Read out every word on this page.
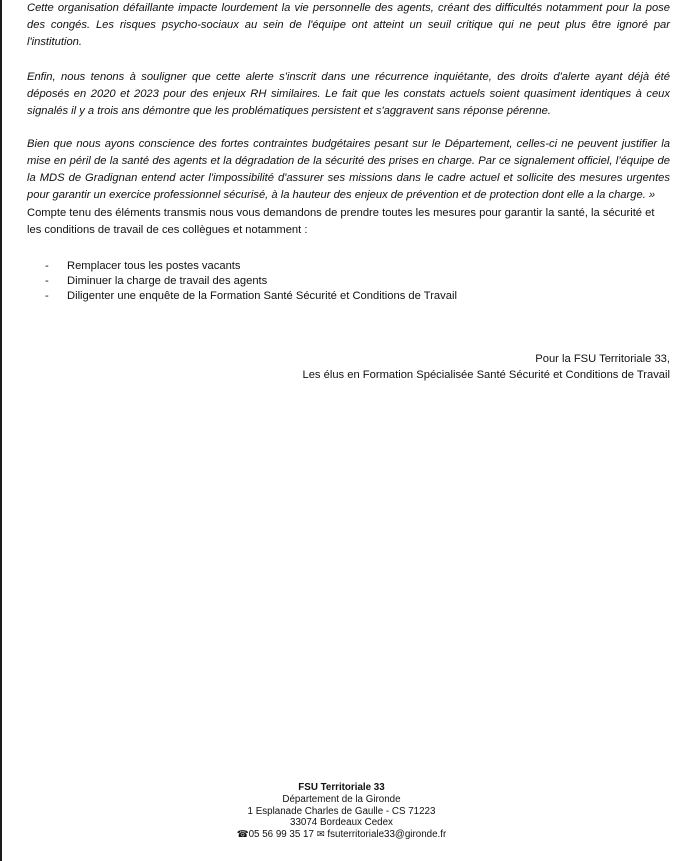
Cette organisation défaillante impacte lourdement la vie personnelle des agents, créant des difficultés notamment pour la pose des congés. Les risques psycho-sociaux au sein de l'équipe ont atteint un seuil critique qui ne peut plus être ignoré par l'institution.

Enfin, nous tenons à souligner que cette alerte s'inscrit dans une récurrence inquiétante, des droits d'alerte ayant déjà été déposés en 2020 et 2023 pour des enjeux RH similaires. Le fait que les constats actuels soient quasiment identiques à ceux signalés il y a trois ans démontre que les problématiques persistent et s'aggravent sans réponse pérenne.

Bien que nous ayons conscience des fortes contraintes budgétaires pesant sur le Département, celles-ci ne peuvent justifier la mise en péril de la santé des agents et la dégradation de la sécurité des prises en charge. Par ce signalement officiel, l’équipe de la MDS de Gradignan entend acter l'impossibilité d'assurer ses missions dans le cadre actuel et sollicite des mesures urgentes pour garantir un exercice professionnel sécurisé, à la hauteur des enjeux de prévention et de protection dont elle a la charge. »

Compte tenu des éléments transmis nous vous demandons de prendre toutes les mesures pour garantir la santé, la sécurité et les conditions de travail de ces collègues et notamment :

- Remplacer tous les postes vacants
- Diminuer la charge de travail des agents
- Diligenter une enquête de la Formation Santé Sécurité et Conditions de Travail
Pour la FSU Territoriale 33,
Les élus en Formation Spécialisée Santé Sécurité et Conditions de Travail
FSU Territoriale 33
Département de la Gironde
1 Esplanade Charles de Gaulle - CS 71223
33074 Bordeaux Cedex
☎05 56 99 35 17 ✉ fsuterritoriale33@gironde.fr
